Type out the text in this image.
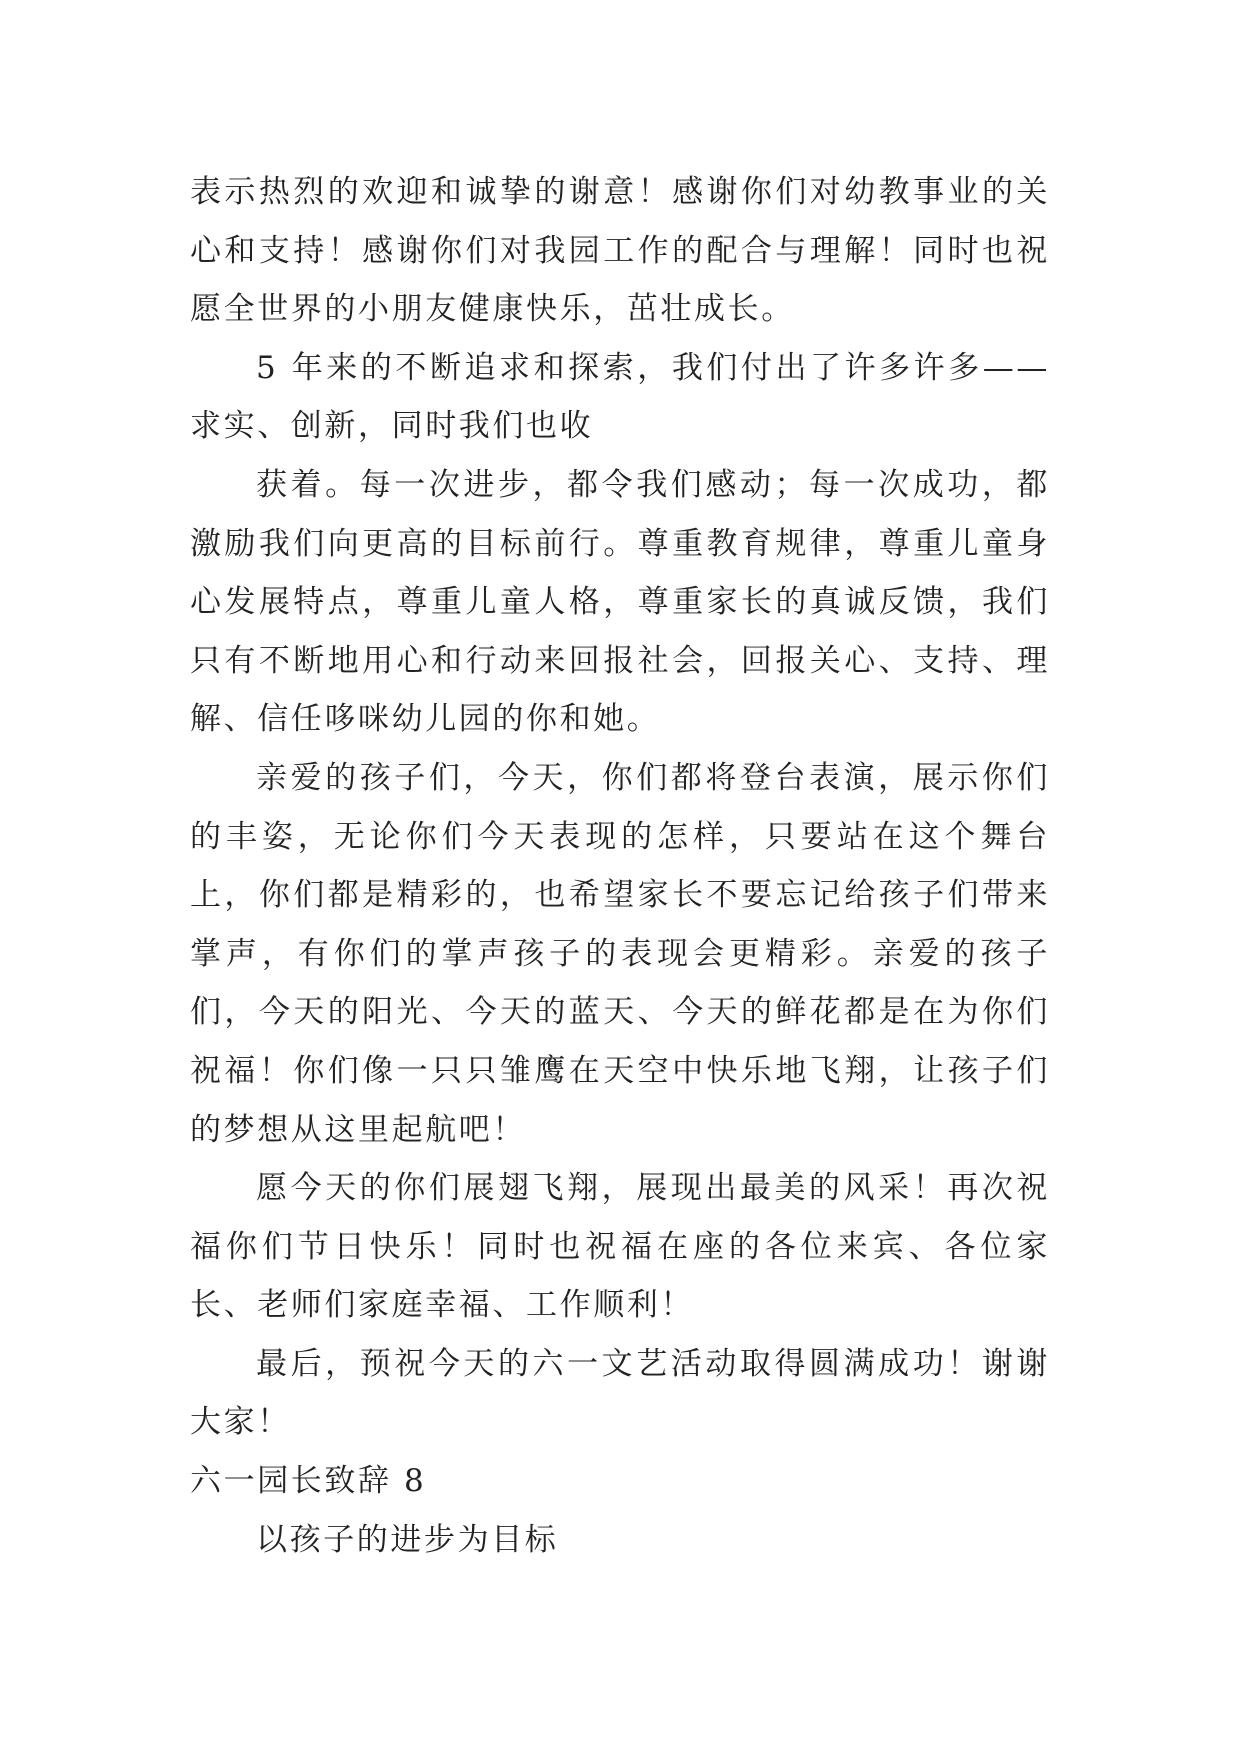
表示热烈的欢迎和诚挚的谢意！感谢你们对幼教事业的关心和支持！感谢你们对我园工作的配合与理解！同时也祝愿全世界的小朋友健康快乐，茁壮成长。

5 年来的不断追求和探索，我们付出了许多许多——求实、创新，同时我们也收

获着。每一次进步，都令我们感动；每一次成功，都激励我们向更高的目标前行。尊重教育规律，尊重儿童身心发展特点，尊重儿童人格，尊重家长的真诚反馈，我们只有不断地用心和行动来回报社会，回报关心、支持、理解、信任哆咪幼儿园的你和她。

亲爱的孩子们，今天，你们都将登台表演，展示你们的丰姿，无论你们今天表现的怎样，只要站在这个舞台上，你们都是精彩的，也希望家长不要忘记给孩子们带来掌声，有你们的掌声孩子的表现会更精彩。亲爱的孩子们，今天的阳光、今天的蓝天、今天的鲜花都是在为你们祝福！你们像一只只雏鹰在天空中快乐地飞翔，让孩子们的梦想从这里起航吧！

愿今天的你们展翅飞翔，展现出最美的风采！再次祝福你们节日快乐！同时也祝福在座的各位来宾、各位家长、老师们家庭幸福、工作顺利！

最后，预祝今天的六一文艺活动取得圆满成功！谢谢大家！

六一园长致辞 8

以孩子的进步为目标
